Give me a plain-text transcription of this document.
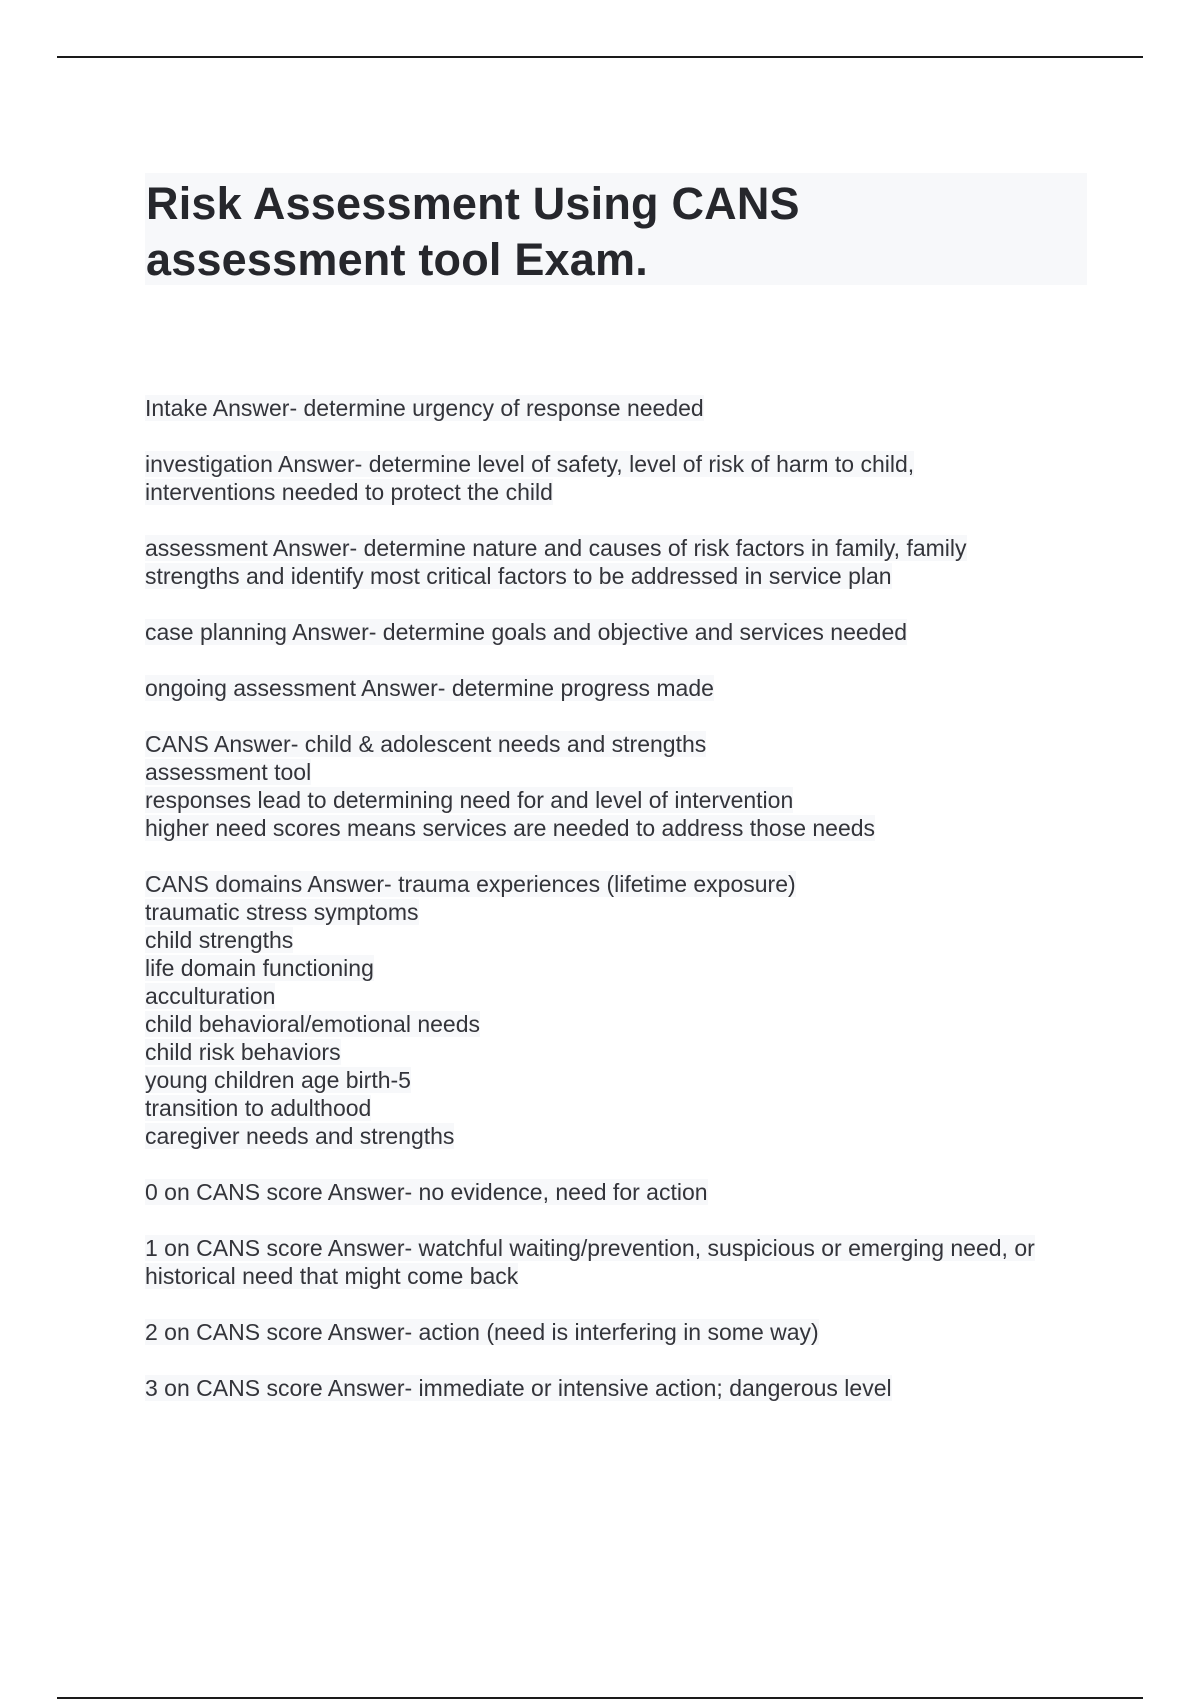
Risk Assessment Using CANS
assessment tool Exam.
Intake Answer- determine urgency of response needed
investigation Answer- determine level of safety, level of risk of harm to child,
interventions needed to protect the child
assessment Answer- determine nature and causes of risk factors in family, family
strengths and identify most critical factors to be addressed in service plan
case planning Answer- determine goals and objective and services needed
ongoing assessment Answer- determine progress made
CANS Answer- child & adolescent needs and strengths
assessment tool
responses lead to determining need for and level of intervention
higher need scores means services are needed to address those needs
CANS domains Answer- trauma experiences (lifetime exposure)
traumatic stress symptoms
child strengths
life domain functioning
acculturation
child behavioral/emotional needs
child risk behaviors
young children age birth-5
transition to adulthood
caregiver needs and strengths
0 on CANS score Answer- no evidence, need for action
1 on CANS score Answer- watchful waiting/prevention, suspicious or emerging need, or
historical need that might come back
2 on CANS score Answer- action (need is interfering in some way)
3 on CANS score Answer- immediate or intensive action; dangerous level
